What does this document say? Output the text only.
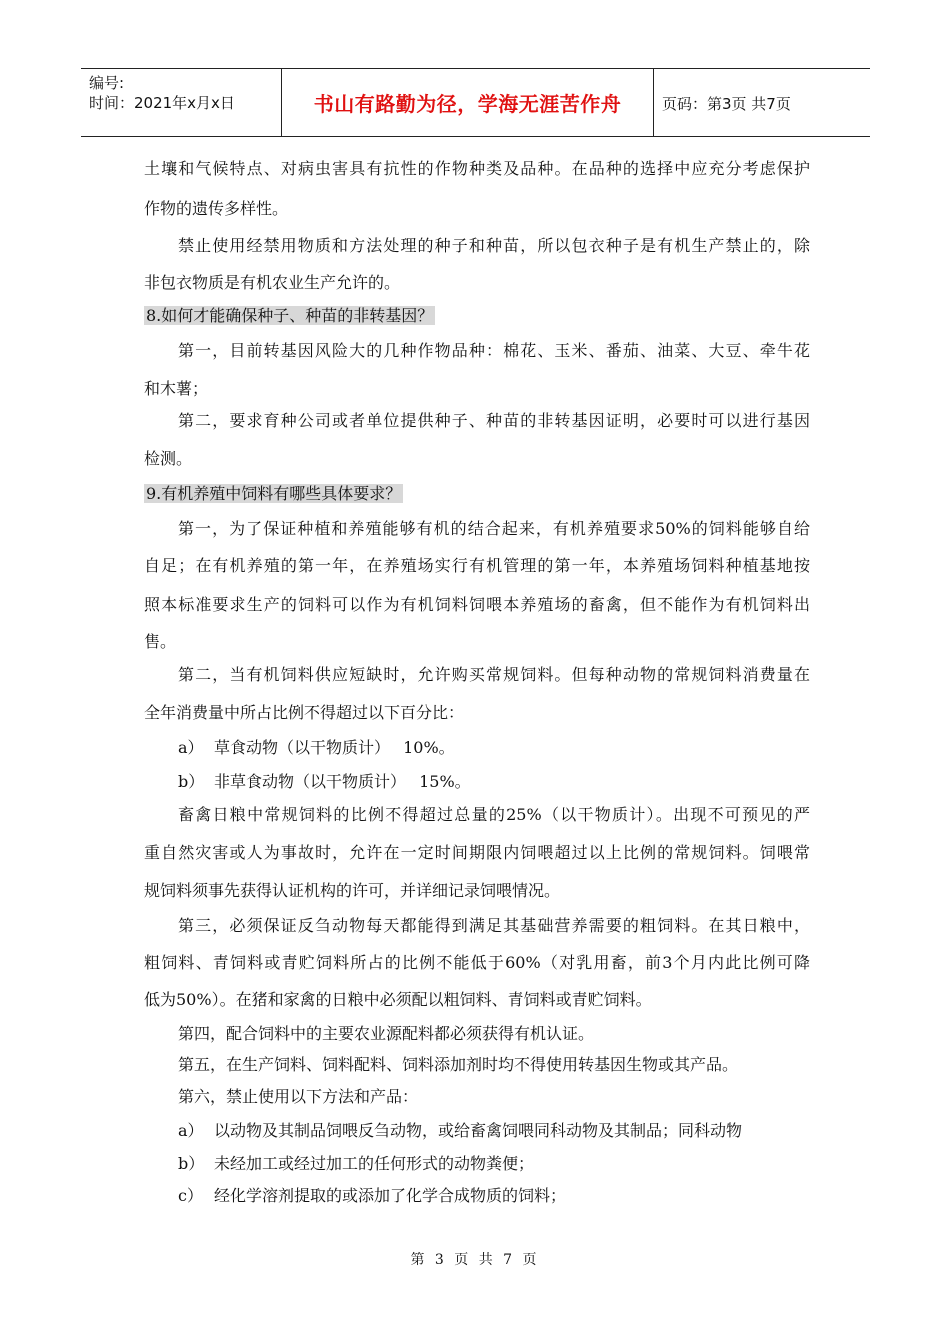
编号:
时间：2021年x月x日	书山有路勤为径，学海无涯苦作舟	页码：第3页 共7页
土壤和气候特点、对病虫害具有抗性的作物种类及品种。在品种的选择中应充分考虑保护
作物的遗传多样性。
禁止使用经禁用物质和方法处理的种子和种苗，所以包衣种子是有机生产禁止的，除
非包衣物质是有机农业生产允许的。
8.如何才能确保种子、种苗的非转基因？
第一，目前转基因风险大的几种作物品种：棉花、玉米、番茄、油菜、大豆、牵牛花
和木薯；
第二，要求育种公司或者单位提供种子、种苗的非转基因证明，必要时可以进行基因
检测。
9.有机养殖中饲料有哪些具体要求？
第一，为了保证种植和养殖能够有机的结合起来，有机养殖要求50%的饲料能够自给
自足；在有机养殖的第一年，在养殖场实行有机管理的第一年，本养殖场饲料种植基地按
照本标准要求生产的饲料可以作为有机饲料饲喂本养殖场的畜禽，但不能作为有机饲料出
售。
第二，当有机饲料供应短缺时，允许购买常规饲料。但每种动物的常规饲料消费量在
全年消费量中所占比例不得超过以下百分比：
a） 草食动物（以干物质计）　 10%。
b） 非草食动物（以干物质计）　 15%。
畜禽日粮中常规饲料的比例不得超过总量的25%（以干物质计）。出现不可预见的严
重自然灾害或人为事故时，允许在一定时间期限内饲喂超过以上比例的常规饲料。饲喂常
规饲料须事先获得认证机构的许可，并详细记录饲喂情况。
第三，必须保证反刍动物每天都能得到满足其基础营养需要的粗饲料。在其日粮中，
粗饲料、青饲料或青贮饲料所占的比例不能低于60%（对乳用畜，前3个月内此比例可降
低为50%）。在猪和家禽的日粮中必须配以粗饲料、青饲料或青贮饲料。
第四，配合饲料中的主要农业源配料都必须获得有机认证。
第五，在生产饲料、饲料配料、饲料添加剂时均不得使用转基因生物或其产品。
第六，禁止使用以下方法和产品：
a） 以动物及其制品饲喂反刍动物，或给畜禽饲喂同科动物及其制品；同科动物
b） 未经加工或经过加工的任何形式的动物粪便；
c） 经化学溶剂提取的或添加了化学合成物质的饲料；
第 3 页 共 7 页
